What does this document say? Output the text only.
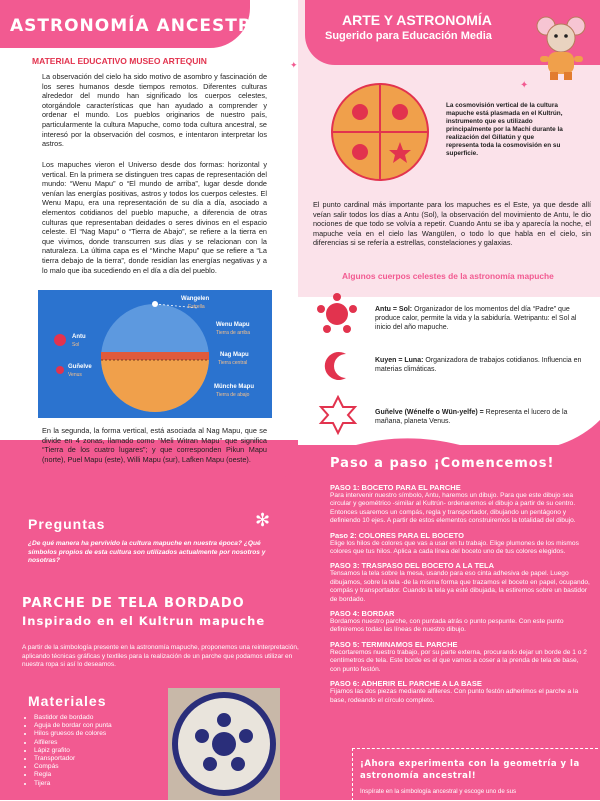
ASTRONOMÍA ANCESTRAL
MATERIAL EDUCATIVO MUSEO ARTEQUIN
ARTE Y ASTRONOMÍA
Sugerido para Educación Media

La observación del cielo ha sido motivo de asombro y fascinación de los seres humanos desde tiempos remotos. Diferentes culturas alrededor del mundo han significado los cuerpos celestes, otorgándole características que han ayudado a comprender y ordenar el mundo. Los pueblos originarios de nuestro país, particularmente la cultura Mapuche, como toda cultura ancestral, se interesó por la observación del cosmos, e intentaron interpretar los astros.

Los mapuches vieron el Universo desde dos formas: horizontal y vertical. En la primera se distinguen tres capas de representación del mundo: “Wenu Mapu” o “El mundo de arriba”, lugar desde donde venían las energías positivas, astros y todos los cuerpos celestes. El Wenu Mapu, era una representación de su día a día, asociado a elementos cotidianos del pueblo mapuche, a diferencia de otras culturas que representaban deidades o seres divinos en el espacio celeste. El “Nag Mapu” o “Tierra de Abajo”, se refiere a la tierra en que vivimos, donde transcurren sus días y se relacionan con la naturaleza. La última capa es el “Minche Mapu” que se refiere a “La tierra debajo de la tierra”, donde residían las energías negativas y a lo malo que iba sucediendo en el día a día del pueblo.

Wangelen
Estrella
Antu
Sol
Guñelve
Venus
Wenu Mapu
Tierra de arriba
Nag Mapu
Tierra central
Münche Mapu
Tierra de abajo

En la segunda, la forma vertical, está asociada al Nag Mapu, que se divide en 4 zonas, llamado como “Meli Witran Mapu” que significa “Tierra de los cuatro lugares”; y que corresponden Pikun Mapu (norte), Puel Mapu (este), Willi Mapu (sur), Lafken Mapu (oeste).

La cosmovisión vertical de la cultura mapuche está plasmada en el Kultrún, instrumento que es utilizado principalmente por la Machi durante la realización del Gillatún y que representa toda la cosmovisión en su superficie.

El punto cardinal más importante para los mapuches es el Este, ya que desde allí veían salir todos los días a Antu (Sol), la observación del movimiento de Antu, le dio nociones de que todo se volvía a repetir. Cuando Antu se iba y aparecía la noche, el mapuche veía en el cielo las Wangülen, o todo lo que habla en el cielo, sin diferencias si se refería a estrellas, constelaciones y galaxias.

Algunos cuerpos celestes de la astronomía mapuche
Antu = Sol: Organizador de los momentos del día “Padre” que produce calor, permite la vida y la sabiduría. Wetripantu: el Sol al inicio del año mapuche.
Kuyen = Luna: Organizadora de trabajos cotidianos. Influencia en materias climáticas.
Guñelve (Wénelfe o Wün-yelfe) = Representa el lucero de la mañana, planeta Venus.
Preguntas

¿De qué manera ha pervivido la cultura mapuche en nuestra época? ¿Qué símbolos propios de esta cultura son utilizados actualmente por nosotros y nosotras?

PARCHE DE TELA BORDADO
Inspirado en el Kultrun mapuche

A partir de la simbología presente en la astronomía mapuche, proponemos una reinterpretación, aplicando técnicas gráficas y textiles para la realización de un parche que podamos utilizar en nuestra ropa si así lo deseamos.

Materiales
• Bastidor de bordado
• Aguja de bordar con punta
• Hilos gruesos de colores
• Alfileres
• Lápiz grafito
• Transportador
• Compás
• Regla
• Tijera
Paso a paso ¡Comencemos!
PASO 1: BOCETO PARA EL PARCHE
Para intervenir nuestro símbolo, Antu, haremos un dibujo. Para que este dibujo sea circular y geométrico -similar al Kultrún- ordenaremos el dibujo a partir de su centro. Entonces usaremos un compás, regla y transportador, dibujando un pentágono y definiendo 10 ejes. A partir de estos elementos construiremos la totalidad del dibujo.
Paso 2: COLORES PARA EL BOCETO
Elige los hilos de colores que vas a usar en tu trabajo. Elige plumones de los mismos colores que tus hilos. Aplica a cada línea del boceto uno de tus colores elegidos.
PASO 3: TRASPASO DEL BOCETO A LA TELA
Tensamos la tela sobre la mesa, usando para eso cinta adhesiva de papel. Luego dibujamos, sobre la tela -de la misma forma que trazamos el boceto en papel, ocupando, compás y transportador. Cuando la tela ya esté dibujada, la estiremos sobre un bastidor de bordado.
PASO 4: BORDAR
Bordamos nuestro parche, con puntada atrás o punto pespunte. Con este punto definiremos todas las líneas de nuestro dibujo.
PASO 5: TERMINAMOS EL PARCHE
Recortaremos nuestro trabajo, por su parte externa, procurando dejar un borde de 1 o 2 centímetros de tela. Este borde es el que vamos a coser a la prenda de tela de base, con punto festón.
PASO 6: ADHERIR EL PARCHE A LA BASE
Fijamos las dos piezas mediante alfileres. Con punto festón adherimos el parche a la base, rodeando el círculo completo.
¡Ahora experimenta con la geometría y la astronomía ancestral!
Inspírate en la simbología ancestral y escoge uno de sus
✻
✦
✦
